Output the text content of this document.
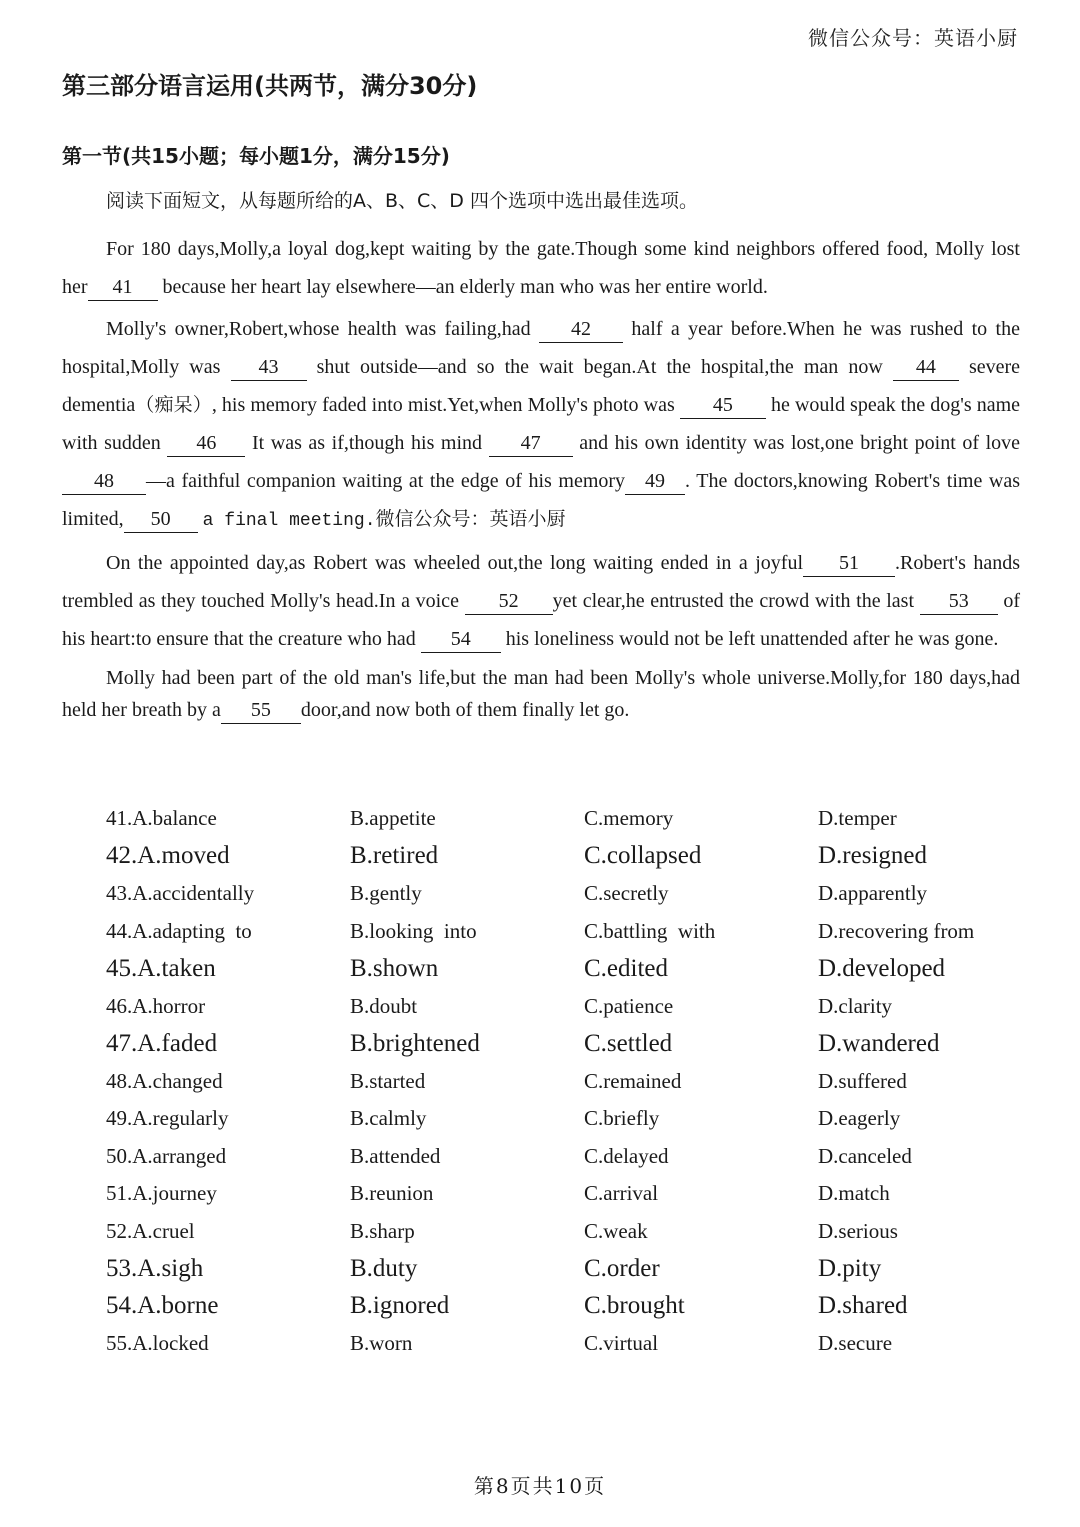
微信公众号：英语小厨
第三部分语言运用(共两节，满分30分)
第一节(共15小题；每小题1分，满分15分)
阅读下面短文，从每题所给的A、B、C、D 四个选项中选出最佳选项。

For 180 days,Molly,a loyal dog,kept waiting by the gate.Though some kind neighbors offered food, Molly lost her 41 because her heart lay elsewhere—an elderly man who was her entire world.

Molly's owner,Robert,whose health was failing,had 42 half a year before.When he was rushed to the hospital,Molly was 43 shut outside—and so the wait began.At the hospital,the man now 44 severe dementia（痴呆）, his memory faded into mist.Yet,when Molly's photo was 45 he would speak the dog's name with sudden 46 It was as if,though his mind 47 and his own identity was lost,one bright point of love 48 —a faithful companion waiting at the edge of his memory 49 . The doctors,knowing Robert's time was limited, 50 a final meeting.微信公众号：英语小厨

On the appointed day,as Robert was wheeled out,the long waiting ended in a joyful 51 .Robert's hands trembled as they touched Molly's head.In a voice 52 yet clear,he entrusted the crowd with the last 53 of his heart:to ensure that the creature who had 54 his loneliness would not be left unattended after he was gone.

Molly had been part of the old man's life,but the man had been Molly's whole universe.Molly,for 180 days,had held her breath by a 55 door,and now both of them finally let go.

41.A.balance	B.appetite	C.memory	D.temper
42.A.moved	B.retired	C.collapsed	D.resigned
43.A.accidentally	B.gently	C.secretly	D.apparently
44.A.adapting  to	B.looking  into	C.battling  with	D.recovering from
45.A.taken	B.shown	C.edited	D.developed
46.A.horror	B.doubt	C.patience	D.clarity
47.A.faded	B.brightened	C.settled	D.wandered
48.A.changed	B.started	C.remained	D.suffered
49.A.regularly	B.calmly	C.briefly	D.eagerly
50.A.arranged	B.attended	C.delayed	D.canceled
51.A.journey	B.reunion	C.arrival	D.match
52.A.cruel	B.sharp	C.weak	D.serious
53.A.sigh	B.duty	C.order	D.pity
54.A.borne	B.ignored	C.brought	D.shared
55.A.locked	B.worn	C.virtual	D.secure
第8页共10页
